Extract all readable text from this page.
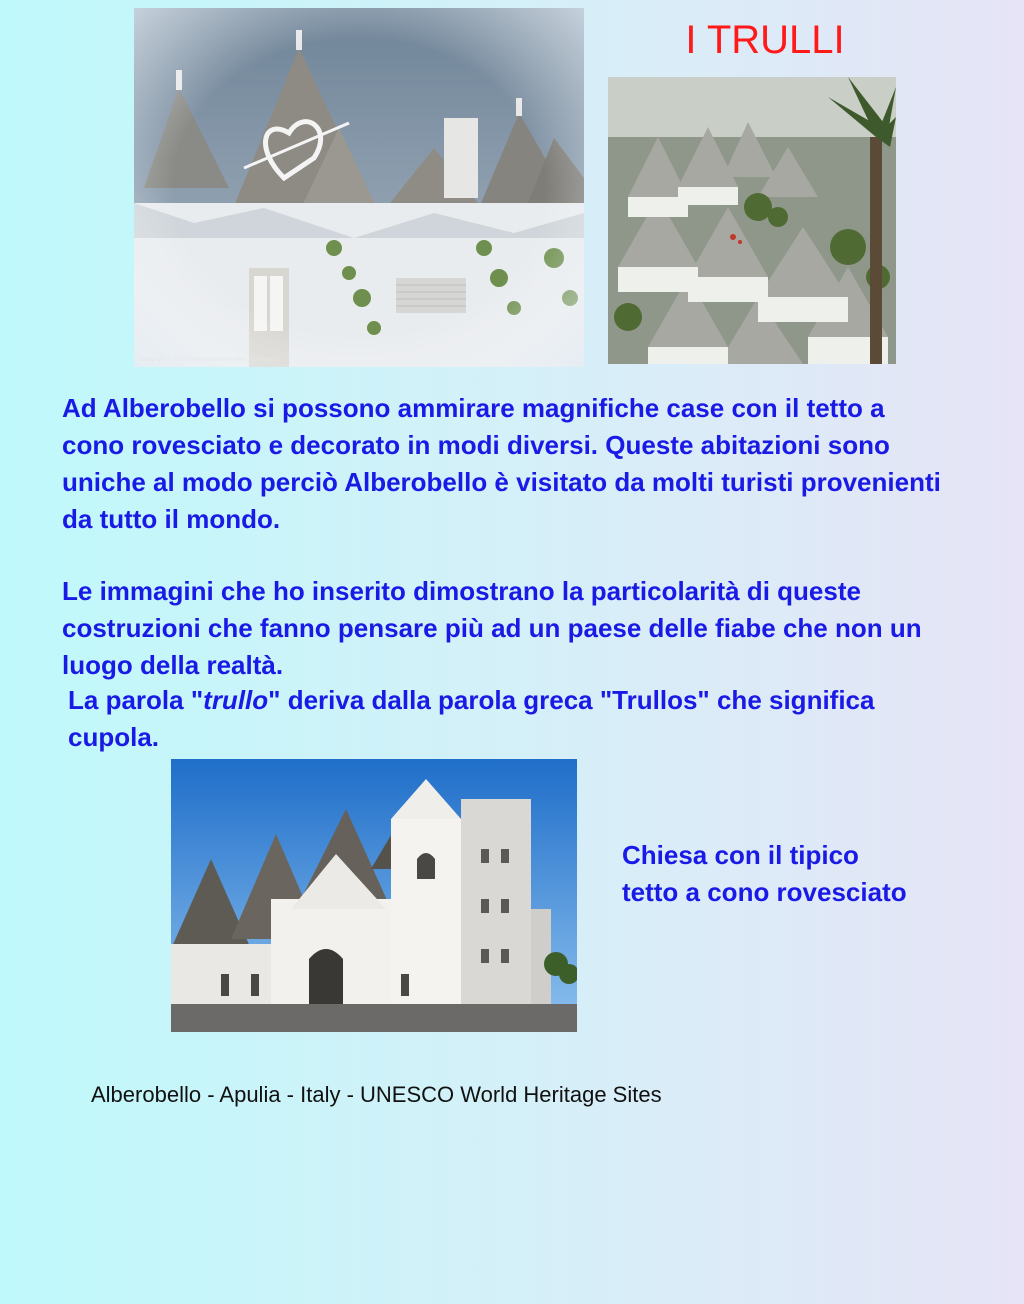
I TRULLI
Copyright © 2003 Ivano Montanari www.imontanari.it
Ad Alberobello si possono ammirare magnifiche case con il tetto a cono rovesciato e decorato in modi diversi. Queste abitazioni sono uniche al modo perciò Alberobello è visitato da molti turisti provenienti da tutto il mondo.
Le immagini che ho inserito dimostrano la particolarità di queste costruzioni che fanno pensare più ad un paese delle fiabe che non un luogo della realtà.
La parola "trullo" deriva dalla parola greca "Trullos" che significa cupola.
Chiesa con il tipico tetto a cono rovesciato
Alberobello - Apulia - Italy - UNESCO World Heritage Sites
